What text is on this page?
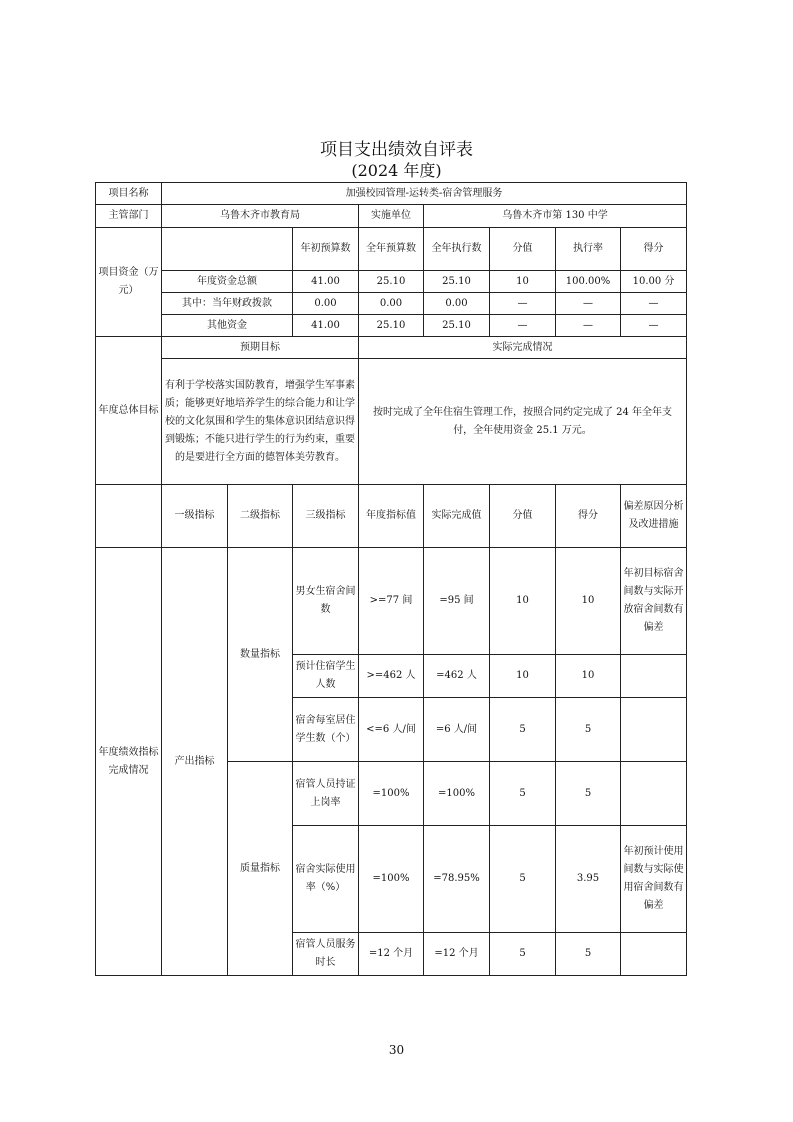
项目支出绩效自评表
(2024 年度)
项目名称	加强校园管理-运转类-宿舍管理服务							
主管部门	乌鲁木齐市教育局			实施单位	乌鲁木齐市第 130 中学			
项目资金（万元）			年初预算数	全年预算数	全年执行数	分值	执行率	得分
	年度资金总额		41.00	25.10	25.10	10	100.00%	10.00 分
	其中：当年财政拨款		0.00	0.00	0.00	—	—	—
	其他资金		41.00	25.10	25.10	—	—	—
年度总体目标	预期目标			实际完成情况				
	有利于学校落实国防教育，增强学生军事素质；能够更好地培养学生的综合能力和让学校的文化氛围和学生的集体意识团结意识得到锻炼；不能只进行学生的行为约束，重要的是要进行全方面的德智体美劳教育。			按时完成了全年住宿生管理工作，按照合同约定完成了 24 年全年支付，全年使用资金 25.1 万元。				
	一级指标	二级指标	三级指标	年度指标值	实际完成值	分值	得分	偏差原因分析及改进措施
年度绩效指标完成情况	产出指标	数量指标	男女生宿舍间数	>=77 间	=95 间	10	10	年初目标宿舍间数与实际开放宿舍间数有偏差
			预计住宿学生人数	>=462 人	=462 人	10	10	
			宿舍每室居住学生数（个）	<=6 人/间	=6 人/间	5	5	
		质量指标	宿管人员持证上岗率	=100%	=100%	5	5	
			宿舍实际使用率（%）	=100%	=78.95%	5	3.95	年初预计使用间数与实际使用宿舍间数有偏差
			宿管人员服务时长	=12 个月	=12 个月	5	5	
30
